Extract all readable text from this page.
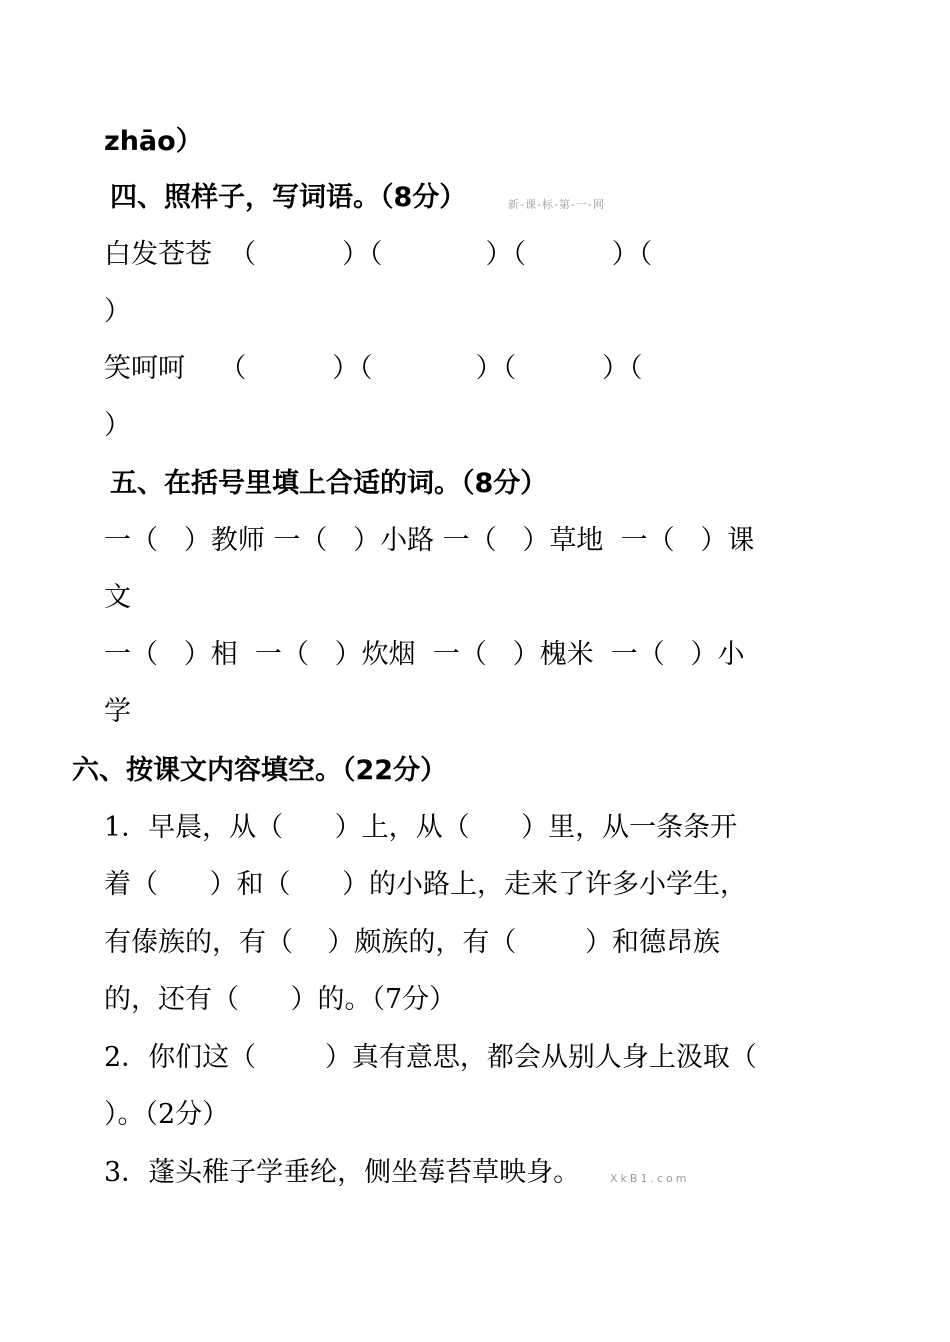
zhāo）
四、照样子，写词语。（8分）	新-课-标-第-一-网
白发苍苍  （          ）（            ）（          ）（
）
笑呵呵    （          ）（            ）（          ）（
）
五、在括号里填上合适的词。（8分）
一（   ）教师 一（   ）小路 一（   ）草地  一（   ）课
文
一（   ）相  一（   ）炊烟  一（   ）槐米  一（   ）小
学
六、按课文内容填空。（22分）
1．早晨，从（      ）上，从（      ）里，从一条条开
着（      ）和（      ）的小路上，走来了许多小学生，
有傣族的，有（    ）颇族的，有（        ）和德昂族
的，还有（      ）的。（7分）
2．你们这（        ）真有意思，都会从别人身上汲取（
）。（2分）
3．蓬头稚子学垂纶，侧坐莓苔草映身。	XkB1.com
